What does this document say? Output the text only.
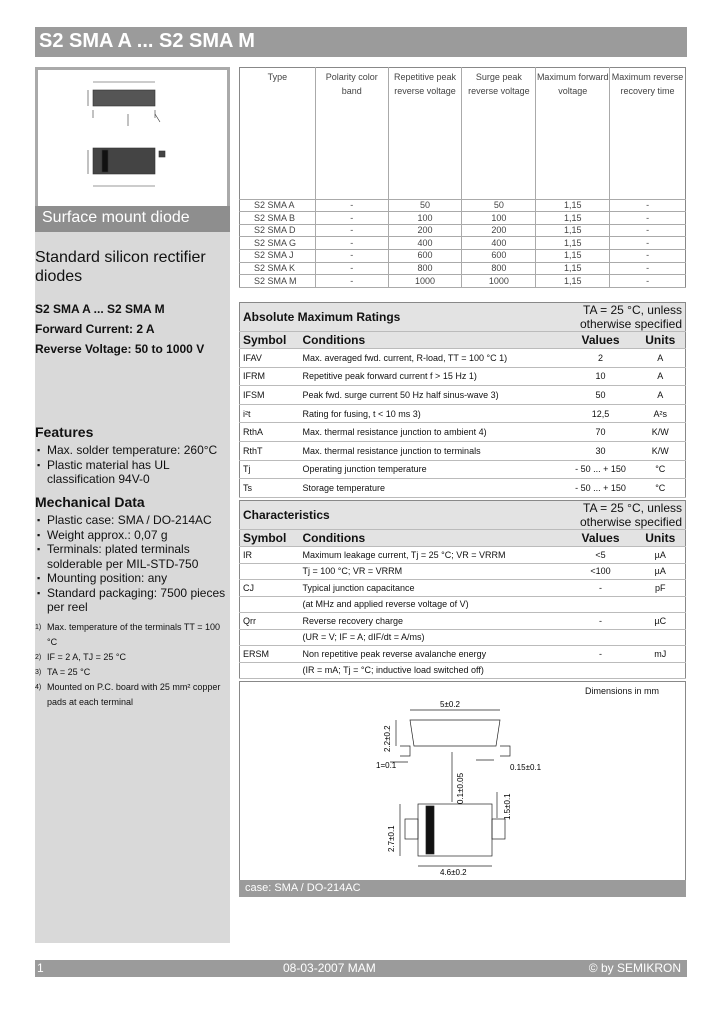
S2 SMA A ... S2 SMA M
Surface mount diode
Standard silicon rectifier diodes
S2 SMA A ... S2 SMA M
Forward Current: 2 A
Reverse Voltage: 50 to 1000 V
Features
▪ Max. solder temperature: 260°C
▪ Plastic material has UL classification 94V-0
Mechanical Data
▪ Plastic case: SMA / DO-214AC
▪ Weight approx.: 0,07 g
▪ Terminals: plated terminals solderable per MIL-STD-750
▪ Mounting position: any
▪ Standard packaging: 7500 pieces per reel
1) Max. temperature of the terminals TT = 100 °C
2) IF = 2 A, TJ = 25 °C
3) TA = 25 °C
4) Mounted on P.C. board with 25 mm² copper pads at each terminal
Type	Polarity color band	Repetitive peak reverse voltage	Surge peak reverse voltage	Maximum forward voltage	Maximum reverse recovery time
S2 SMA A	-	50	50	1,15	-
S2 SMA B	-	100	100	1,15	-
S2 SMA D	-	200	200	1,15	-
S2 SMA G	-	400	400	1,15	-
S2 SMA J	-	600	600	1,15	-
S2 SMA K	-	800	800	1,15	-
S2 SMA M	-	1000	1000	1,15	-
Absolute Maximum Ratings		TA = 25 °C, unless otherwise specified	
Symbol	Conditions	Values	Units
IFAV	Max. averaged fwd. current, R-load, TT = 100 °C 1)	2	A
IFRM	Repetitive peak forward current f > 15 Hz 1)	10	A
IFSM	Peak fwd. surge current 50 Hz half sinus-wave 3)	50	A
i²t	Rating for fusing, t < 10 ms 3)	12,5	A²s
RthA	Max. thermal resistance junction to ambient 4)	70	K/W
RthT	Max. thermal resistance junction to terminals	30	K/W
Tj	Operating junction temperature	- 50 ... + 150	°C
Ts	Storage temperature	- 50 ... + 150	°C
Characteristics		TA = 25 °C, unless otherwise specified	
Symbol	Conditions	Values	Units
IR	Maximum leakage current, Tj = 25 °C; VR = VRRM	<5	µA
	Tj = 100 °C; VR = VRRM	<100	µA
CJ	Typical junction capacitance	-	pF
	(at MHz and applied reverse voltage of V)		
Qrr	Reverse recovery charge	-	µC
	(UR = V; IF = A; dIF/dt = A/ms)		
ERSM	Non repetitive peak reverse avalanche energy	-	mJ
	(IR = mA; Tj = °C; inductive load switched off)		
Dimensions in mm
5±0.2
2.2±0.2
1=0.1	0.15±0.1
0.1±0.05
1.5±0.1
2.7±0.1
4.6±0.2
case: SMA / DO-214AC
1	08-03-2007 MAM	© by SEMIKRON
